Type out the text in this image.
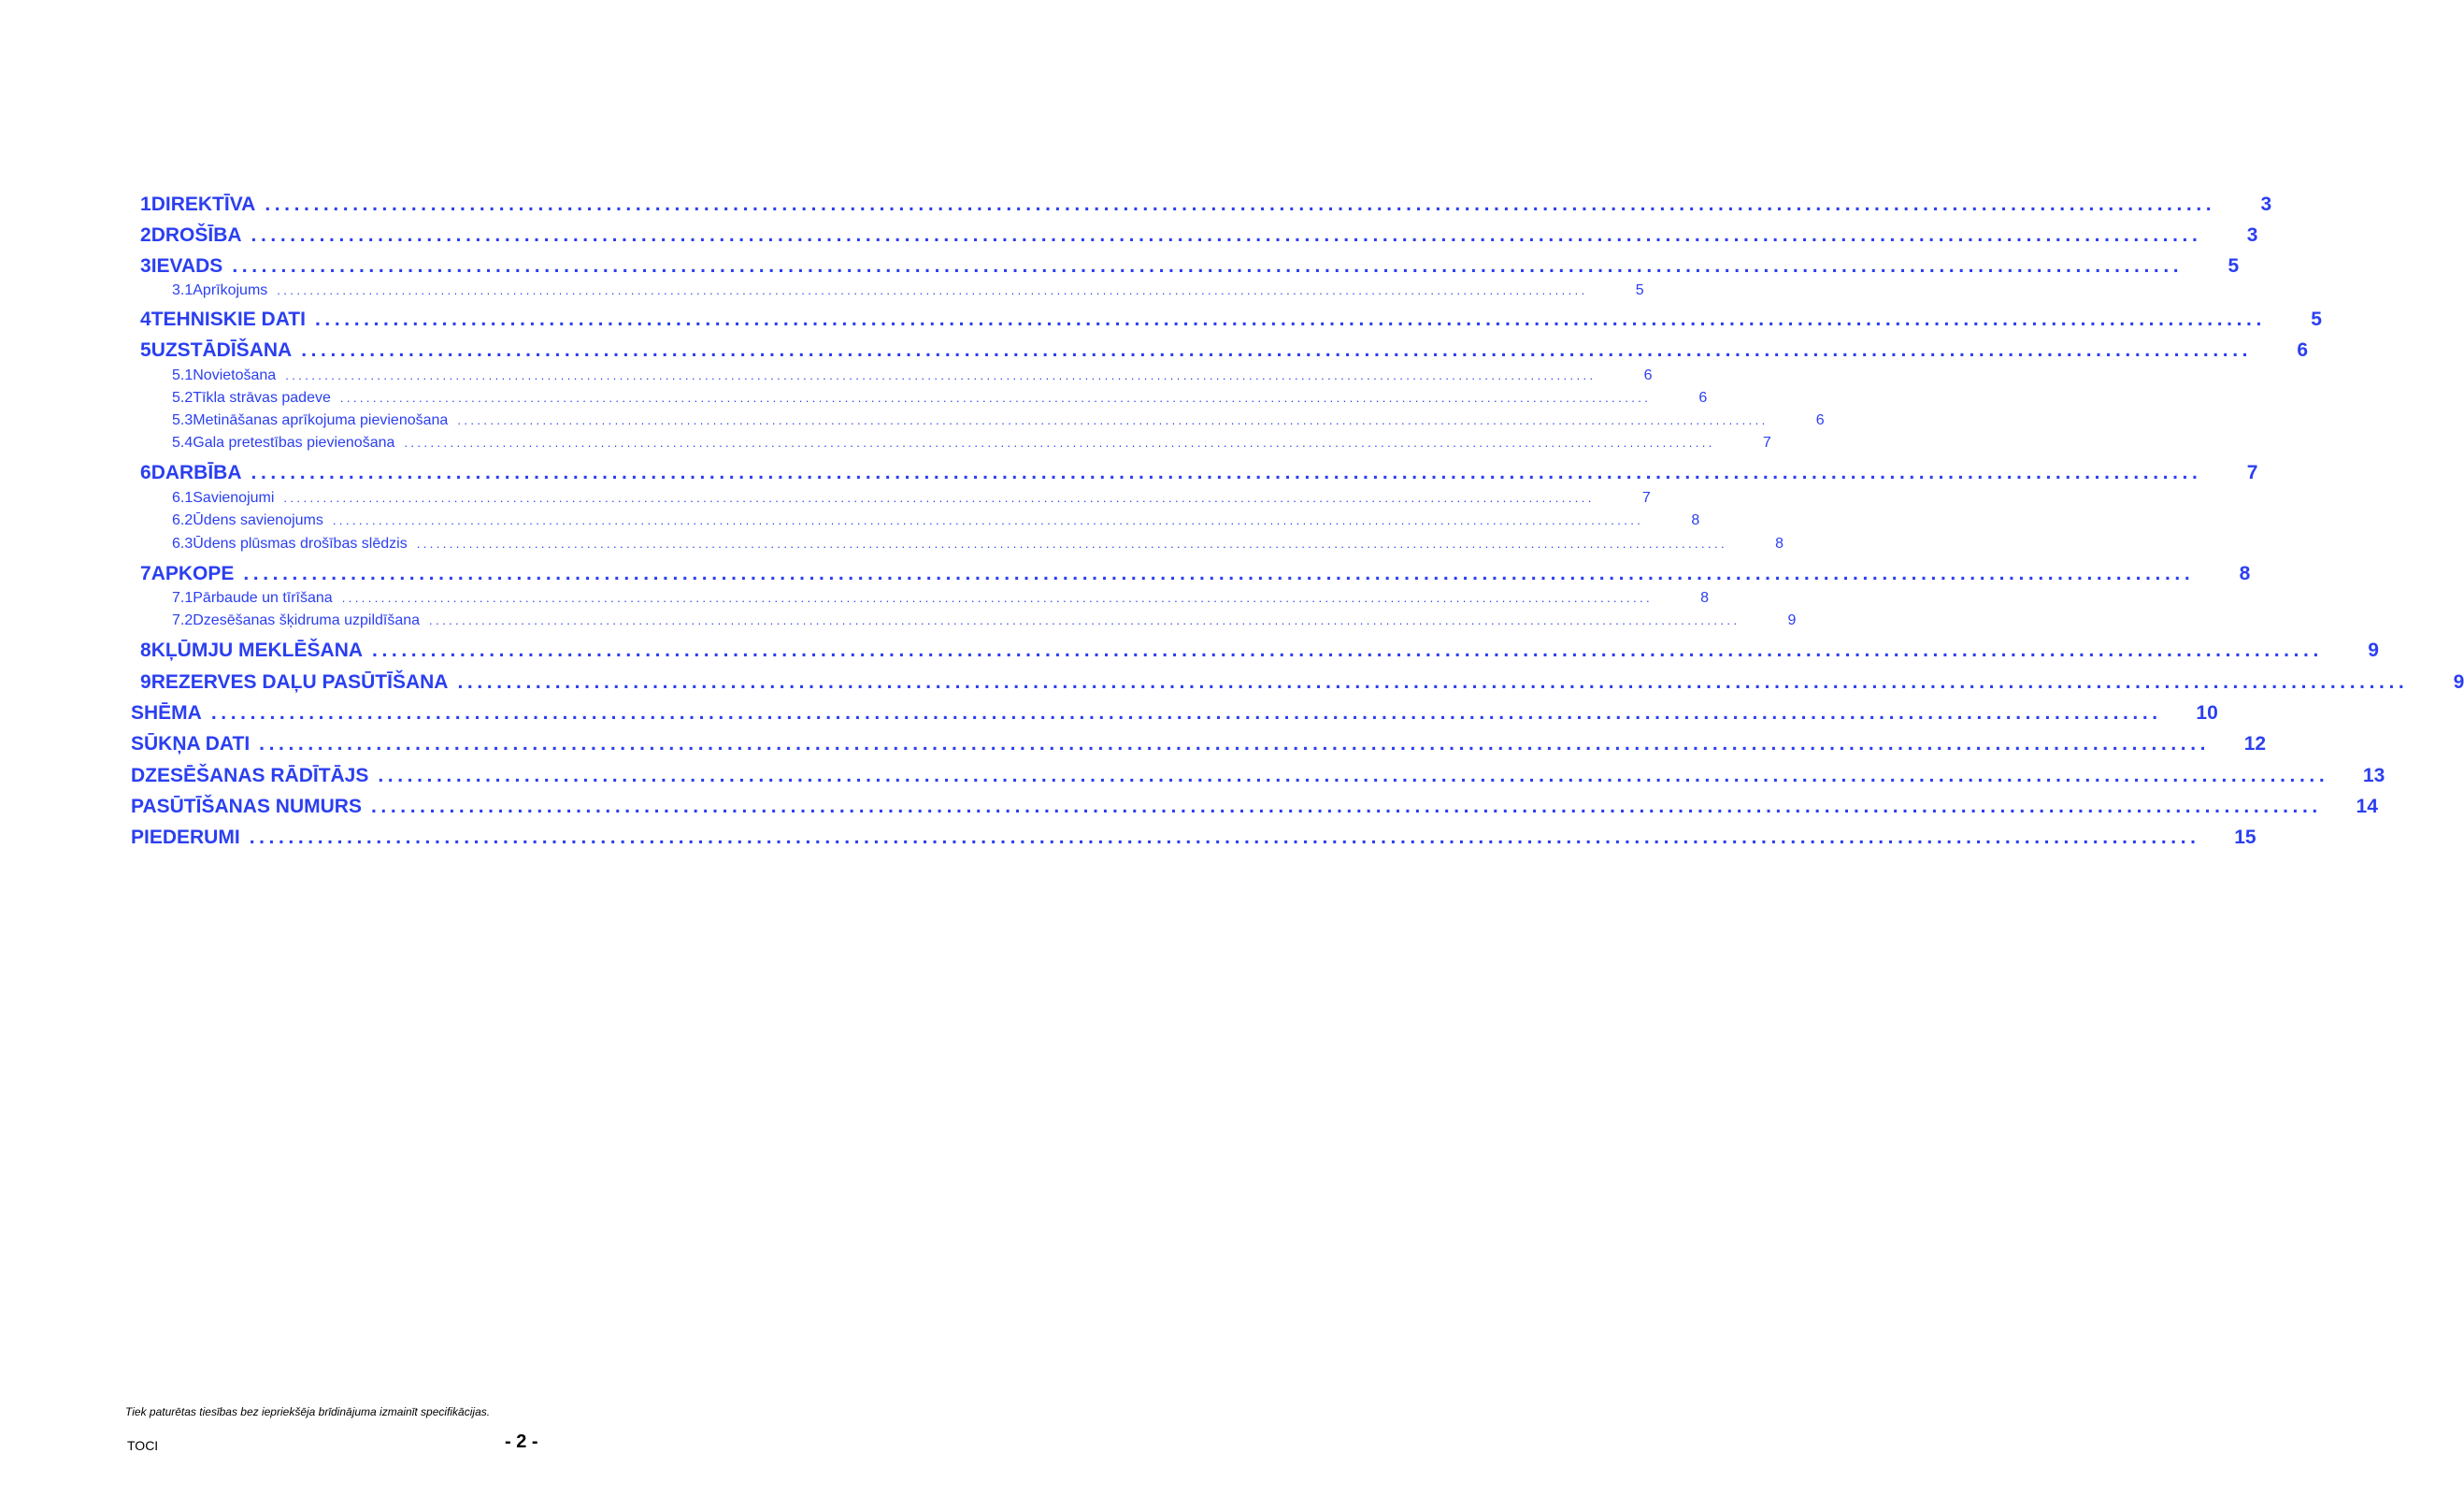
1 DIREKTĪVA ........................................................................................................................................................................................................	3
2 DROŠĪBA ........................................................................................................................................................................................................	3
3 IEVADS ........................................................................................................................................................................................................	5
3.1 Aprīkojums ........................................................................................................................................................................................................	5
4 TEHNISKIE DATI ........................................................................................................................................................................................................	5
5 UZSTĀDĪŠANA ........................................................................................................................................................................................................	6
5.1 Novietošana ........................................................................................................................................................................................................	6
5.2 Tīkla strāvas padeve ........................................................................................................................................................................................................	6
5.3 Metināšanas aprīkojuma pievienošana ........................................................................................................................................................................................................	6
5.4 Gala pretestības pievienošana ........................................................................................................................................................................................................	7
6 DARBĪBA ........................................................................................................................................................................................................	7
6.1 Savienojumi ........................................................................................................................................................................................................	7
6.2 Ūdens savienojums ........................................................................................................................................................................................................	8
6.3 Ūdens plūsmas drošības slēdzis ........................................................................................................................................................................................................	8
7 APKOPE ........................................................................................................................................................................................................	8
7.1 Pārbaude un tīrīšana ........................................................................................................................................................................................................	8
7.2 Dzesēšanas šķidruma uzpildīšana ........................................................................................................................................................................................................	9
8 KĻŪMJU MEKLĒŠANA ........................................................................................................................................................................................................	9
9 REZERVES DAĻU PASŪTĪŠANA ........................................................................................................................................................................................................	9
SHĒMA ........................................................................................................................................................................................................	10
SŪKŅA DATI ........................................................................................................................................................................................................	12
DZESĒŠANAS RĀDĪTĀJS ........................................................................................................................................................................................................	13
PASŪTĪŠANAS NUMURS ........................................................................................................................................................................................................	14
PIEDERUMI ........................................................................................................................................................................................................	15
Tiek paturētas tiesības bez iepriekšēja brīdinājuma izmainīt specifikācijas.
TOCI	- 2 -
